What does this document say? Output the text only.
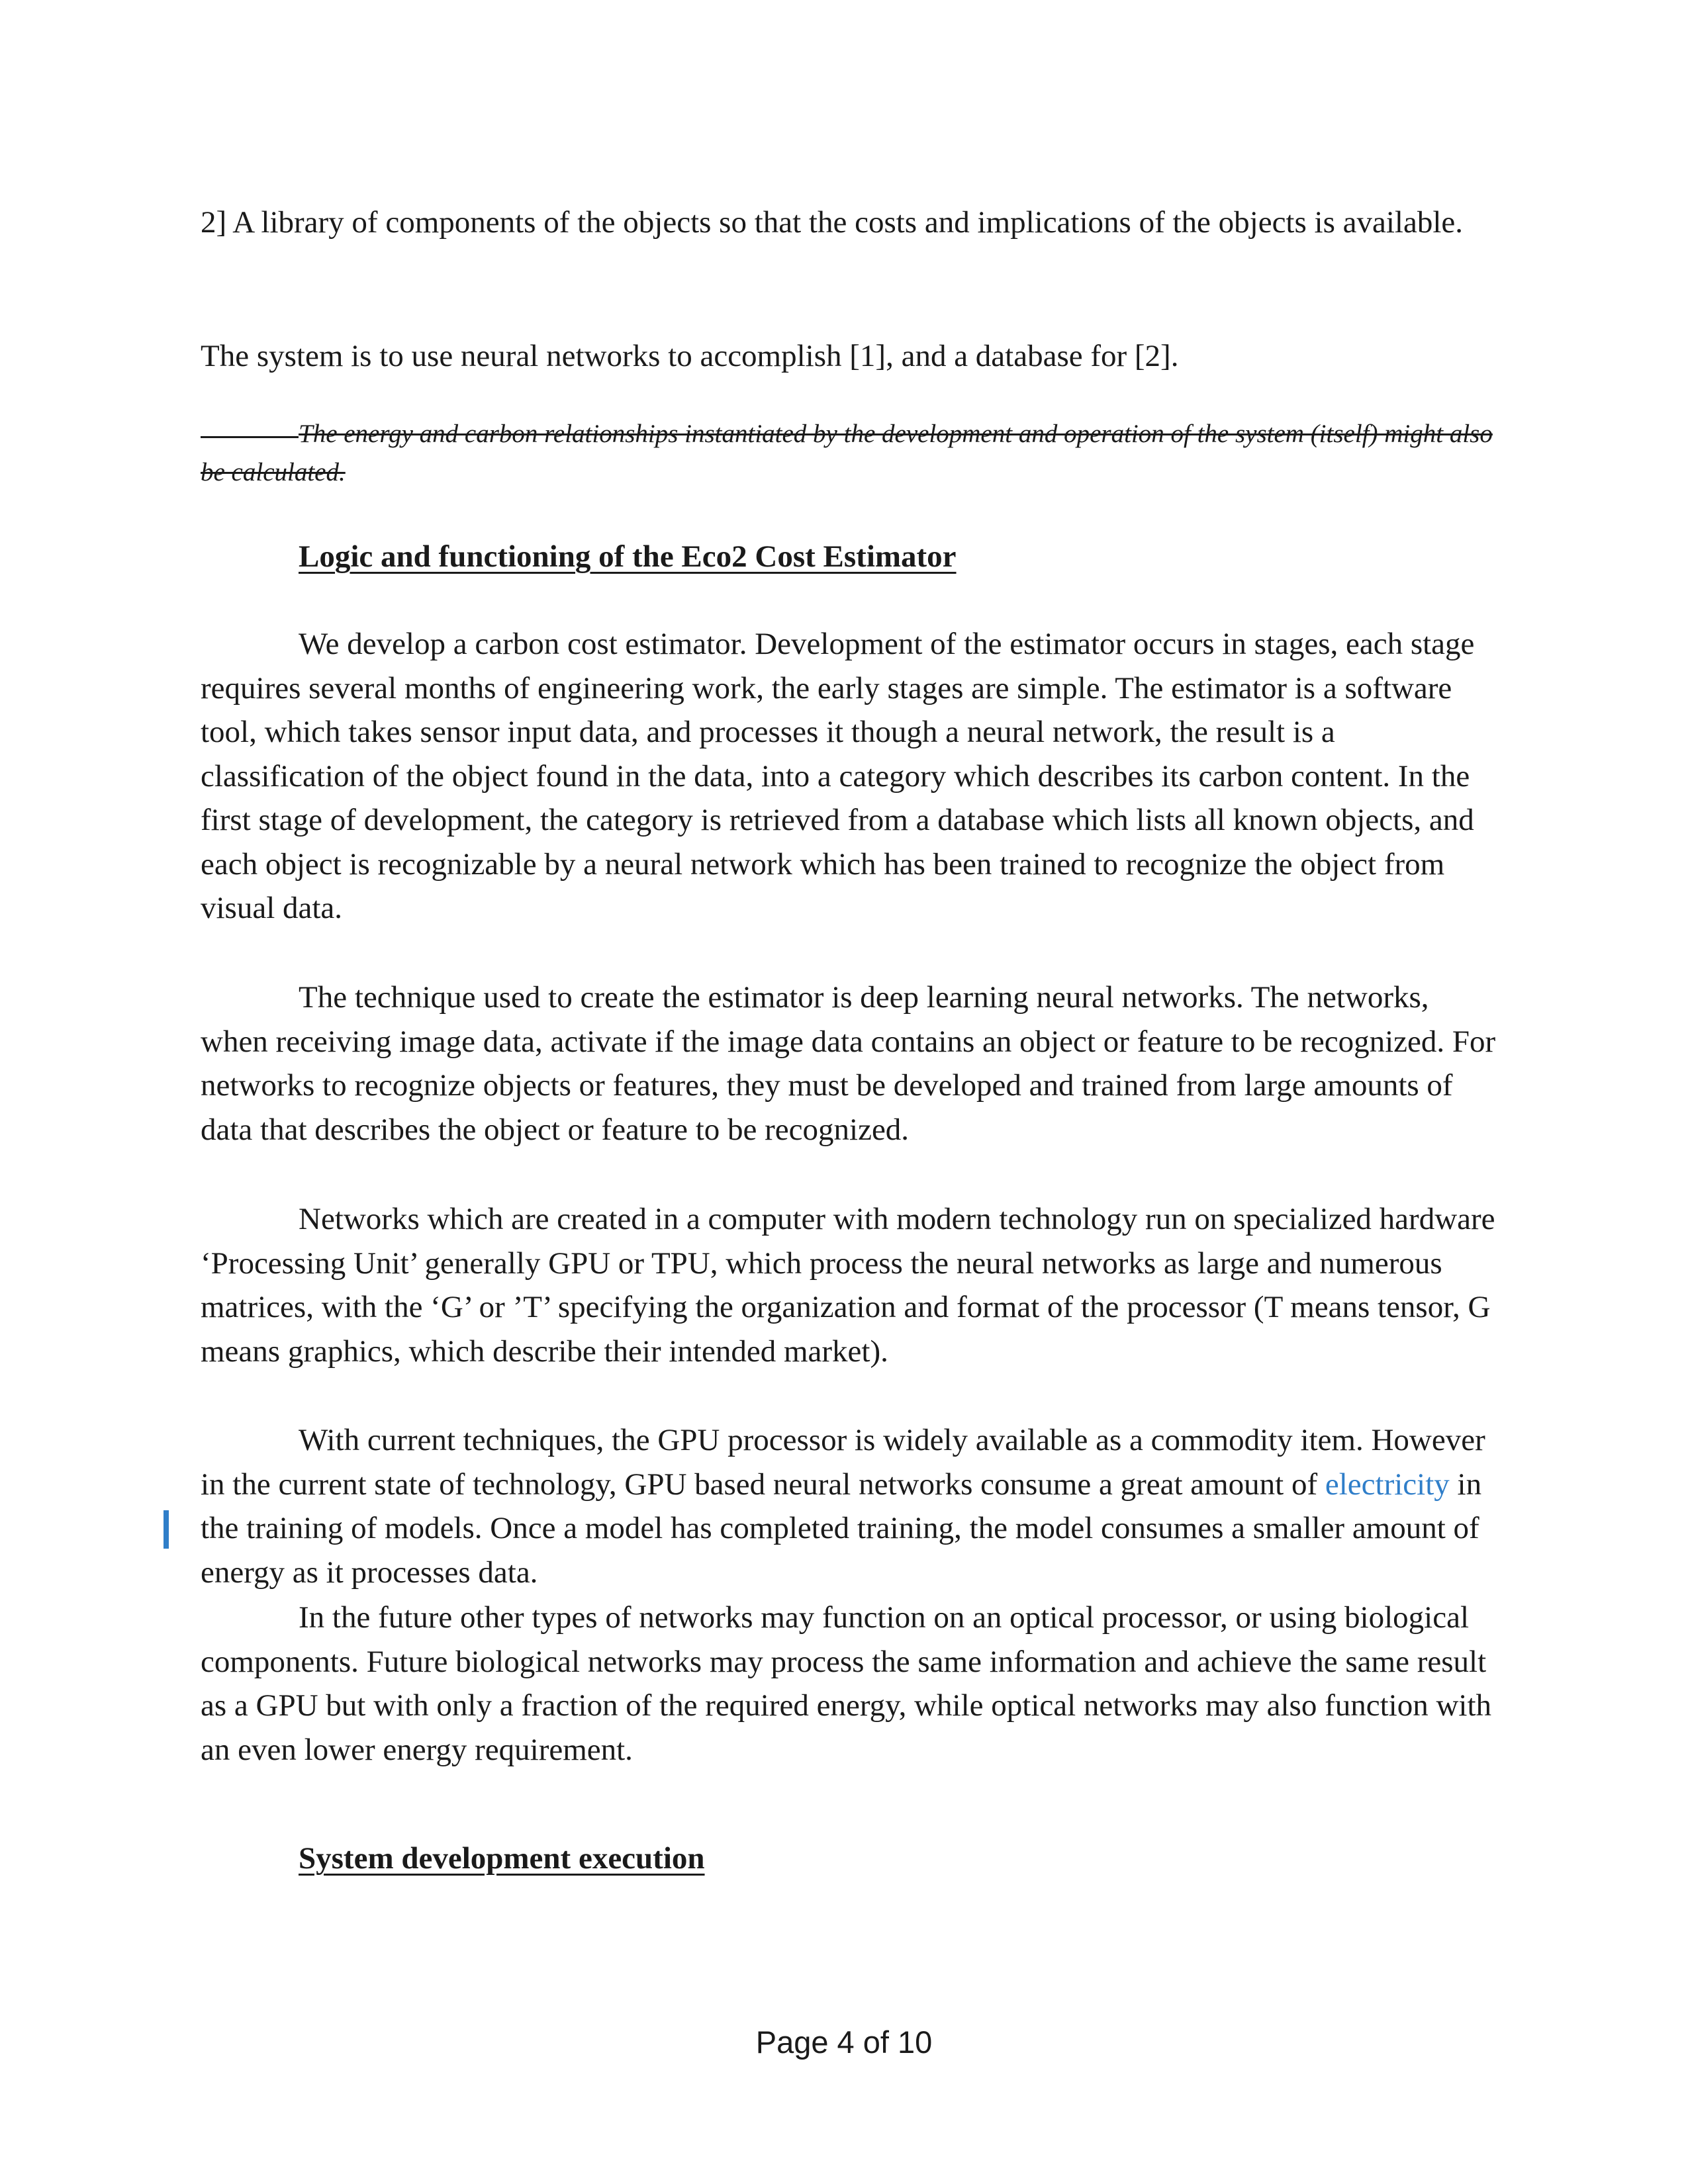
2] A library of components of the objects so that the costs and implications of the objects is available.

The system is to use neural networks to accomplish [1], and a database for [2].

The energy and carbon relationships instantiated by the development and operation of the system (itself) might also be calculated.

Logic and functioning of the Eco2 Cost Estimator

We develop a carbon cost estimator. Development of the estimator occurs in stages, each stage requires several months of engineering work, the early stages are simple. The estimator is a software tool, which takes sensor input data, and processes it though a neural network, the result is a classification of the object found in the data, into a category which describes its carbon content. In the first stage of development, the category is retrieved from a database which lists all known objects, and each object is recognizable by a neural network which has been trained to recognize the object from visual data.

The technique used to create the estimator is deep learning neural networks. The networks, when receiving image data, activate if the image data contains an object or feature to be recognized. For networks to recognize objects or features, they must be developed and trained from large amounts of data that describes the object or feature to be recognized.

Networks which are created in a computer with modern technology run on specialized hardware ‘Processing Unit’ generally GPU or TPU, which process the neural networks as large and numerous matrices, with the ‘G’ or ’T’ specifying the organization and format of the processor (T means tensor, G means graphics, which describe their intended market).

With current techniques, the GPU processor is widely available as a commodity item. However in the current state of technology, GPU based neural networks consume a great amount of electricity in the training of models. Once a model has completed training, the model consumes a smaller amount of energy as it processes data.

In the future other types of networks may function on an optical processor, or using biological components. Future biological networks may process the same information and achieve the same result as a GPU but with only a fraction of the required energy, while optical networks may also function with an even lower energy requirement.

System development execution

Page 4 of 10
